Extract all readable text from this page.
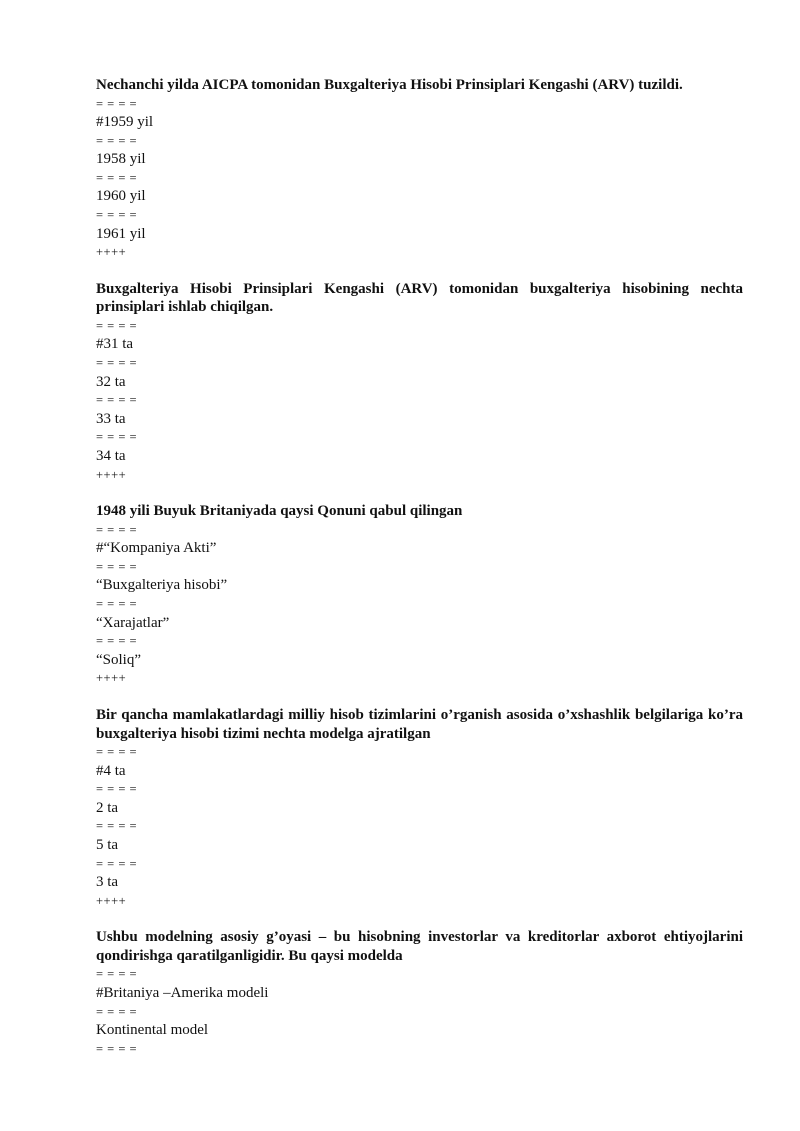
Nechanchi yilda AICPA tomonidan Buxgalteriya Hisobi Prinsiplari Kengashi (ARV) tuzildi.

= = = =
#1959 yil
= = = =
1958 yil
= = = =
1960 yil
= = = =
1961 yil
++++

Buxgalteriya Hisobi Prinsiplari Kengashi (ARV) tomonidan buxgalteriya hisobining nechta prinsiplari ishlab chiqilgan.

= = = =
#31 ta
= = = =
32 ta
= = = =
33 ta
= = = =
34 ta
++++

1948 yili Buyuk Britaniyada qaysi Qonuni qabul qilingan

= = = =
#“Kompaniya Akti”
= = = =
“Buxgalteriya hisobi”
= = = =
“Xarajatlar”
= = = =
“Soliq”
++++

Bir qancha mamlakatlardagi milliy hisob tizimlarini o’rganish asosida o’xshashlik belgilariga ko’ra buxgalteriya hisobi tizimi nechta modelga ajratilgan

= = = =
#4 ta
= = = =
2 ta
= = = =
5 ta
= = = =
3 ta
++++

Ushbu modelning asosiy g’oyasi – bu hisobning investorlar va kreditorlar axborot ehtiyojlarini qondirishga qaratilganligidir. Bu qaysi modelda

= = = =
#Britaniya –Amerika modeli
= = = =
Kontinental model
= = = =
